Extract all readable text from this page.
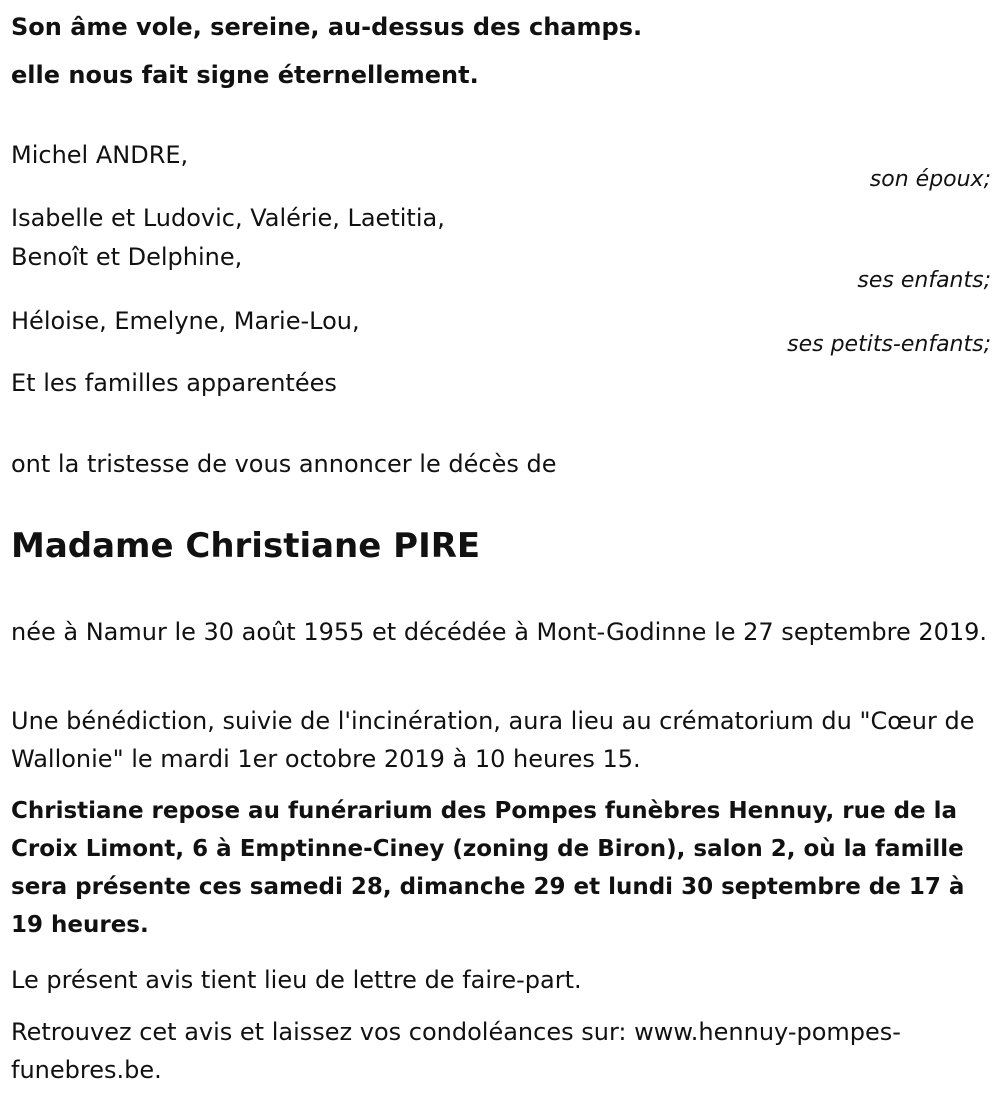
Son âme vole, sereine, au-dessus des champs.
elle nous fait signe éternellement.
Michel ANDRE,
son époux;
Isabelle et Ludovic, Valérie, Laetitia,
Benoît et Delphine,
ses enfants;
Héloise, Emelyne, Marie-Lou,
ses petits-enfants;
Et les familles apparentées
ont la tristesse de vous annoncer le décès de
Madame Christiane PIRE
née à Namur le 30 août 1955 et décédée à Mont-Godinne le 27 septembre 2019.
Une bénédiction, suivie de l'incinération, aura lieu au crématorium du "Cœur de Wallonie" le mardi 1er octobre 2019 à 10 heures 15.
Christiane repose au funérarium des Pompes funèbres Hennuy, rue de la Croix Limont, 6 à Emptinne-Ciney (zoning de Biron), salon 2, où la famille sera présente ces samedi 28, dimanche 29 et lundi 30 septembre de 17 à 19 heures.
Le présent avis tient lieu de lettre de faire-part.
Retrouvez cet avis et laissez vos condoléances sur: www.hennuy-pompes-funebres.be.
